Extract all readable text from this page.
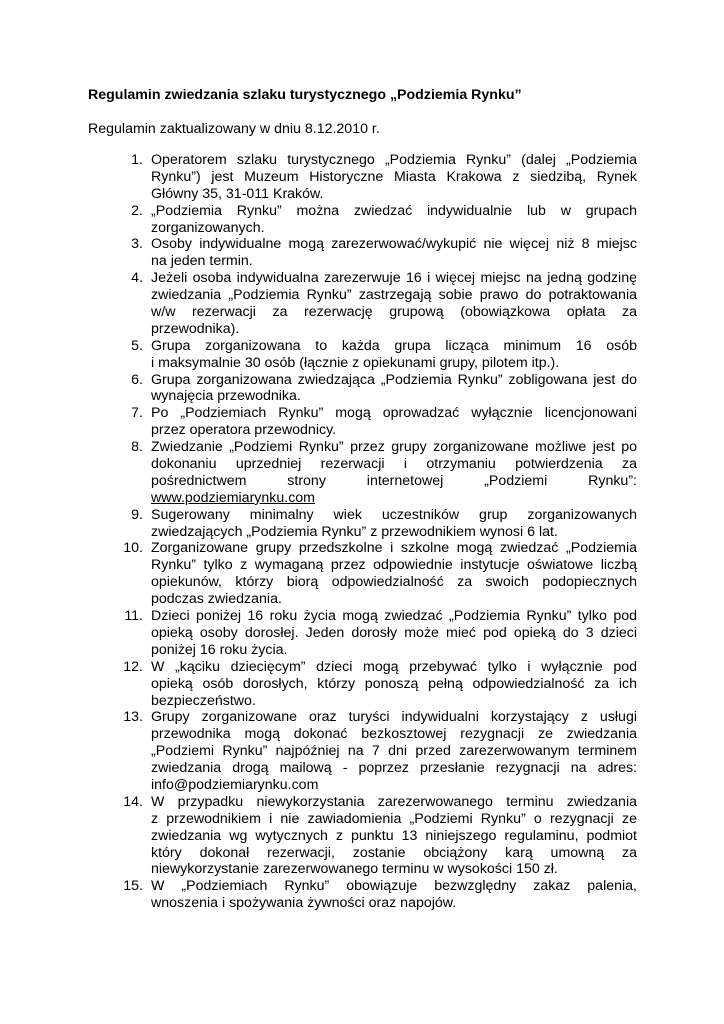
Regulamin zwiedzania szlaku turystycznego „Podziemia Rynku”
Regulamin zaktualizowany w dniu 8.12.2010 r.
1. Operatorem szlaku turystycznego „Podziemia Rynku” (dalej „Podziemia
Rynku”) jest Muzeum Historyczne Miasta Krakowa z siedzibą, Rynek
Główny 35, 31-011 Kraków.
2. „Podziemia Rynku” można zwiedzać indywidualnie lub w grupach
zorganizowanych.
3. Osoby indywidualne mogą zarezerwować/wykupić nie więcej niż 8 miejsc
na jeden termin.
4. Jeżeli osoba indywidualna zarezerwuje 16 i więcej miejsc na jedną godzinę
zwiedzania „Podziemia Rynku” zastrzegają sobie prawo do potraktowania
w/w rezerwacji za rezerwację grupową (obowiązkowa opłata za
przewodnika).
5. Grupa zorganizowana to każda grupa licząca minimum 16 osób
i maksymalnie 30 osób (łącznie z opiekunami grupy, pilotem itp.).
6. Grupa zorganizowana zwiedzająca „Podziemia Rynku” zobligowana jest do
wynajęcia przewodnika.
7. Po „Podziemiach Rynku” mogą oprowadzać wyłącznie licencjonowani
przez operatora przewodnicy.
8. Zwiedzanie „Podziemi Rynku” przez grupy zorganizowane możliwe jest po
dokonaniu uprzedniej rezerwacji i otrzymaniu potwierdzenia za
pośrednictwem strony internetowej „Podziemi Rynku”:
www.podziemiarynku.com
9. Sugerowany minimalny wiek uczestników grup zorganizowanych
zwiedzających „Podziemia Rynku” z przewodnikiem wynosi 6 lat.
10. Zorganizowane grupy przedszkolne i szkolne mogą zwiedzać „Podziemia
Rynku” tylko z wymaganą przez odpowiednie instytucje oświatowe liczbą
opiekunów, którzy biorą odpowiedzialność za swoich podopiecznych
podczas zwiedzania.
11. Dzieci poniżej 16 roku życia mogą zwiedzać „Podziemia Rynku” tylko pod
opieką osoby dorosłej. Jeden dorosły może mieć pod opieką do 3 dzieci
poniżej 16 roku życia.
12. W „kąciku dziecięcym” dzieci mogą przebywać tylko i wyłącznie pod
opieką osób dorosłych, którzy ponoszą pełną odpowiedzialność za ich
bezpieczeństwo.
13. Grupy zorganizowane oraz turyści indywidualni korzystający z usługi
przewodnika mogą dokonać bezkosztowej rezygnacji ze zwiedzania
„Podziemi Rynku” najpóźniej na 7 dni przed zarezerwowanym terminem
zwiedzania drogą mailową - poprzez przesłanie rezygnacji na adres:
info@podziemiarynku.com
14. W przypadku niewykorzystania zarezerwowanego terminu zwiedzania
z przewodnikiem i nie zawiadomienia „Podziemi Rynku” o rezygnacji ze
zwiedzania wg wytycznych z punktu 13 niniejszego regulaminu, podmiot
który dokonał rezerwacji, zostanie obciążony karą umowną za
niewykorzystanie zarezerwowanego terminu w wysokości 150 zł.
15. W „Podziemiach Rynku” obowiązuje bezwzględny zakaz palenia,
wnoszenia i spożywania żywności oraz napojów.
